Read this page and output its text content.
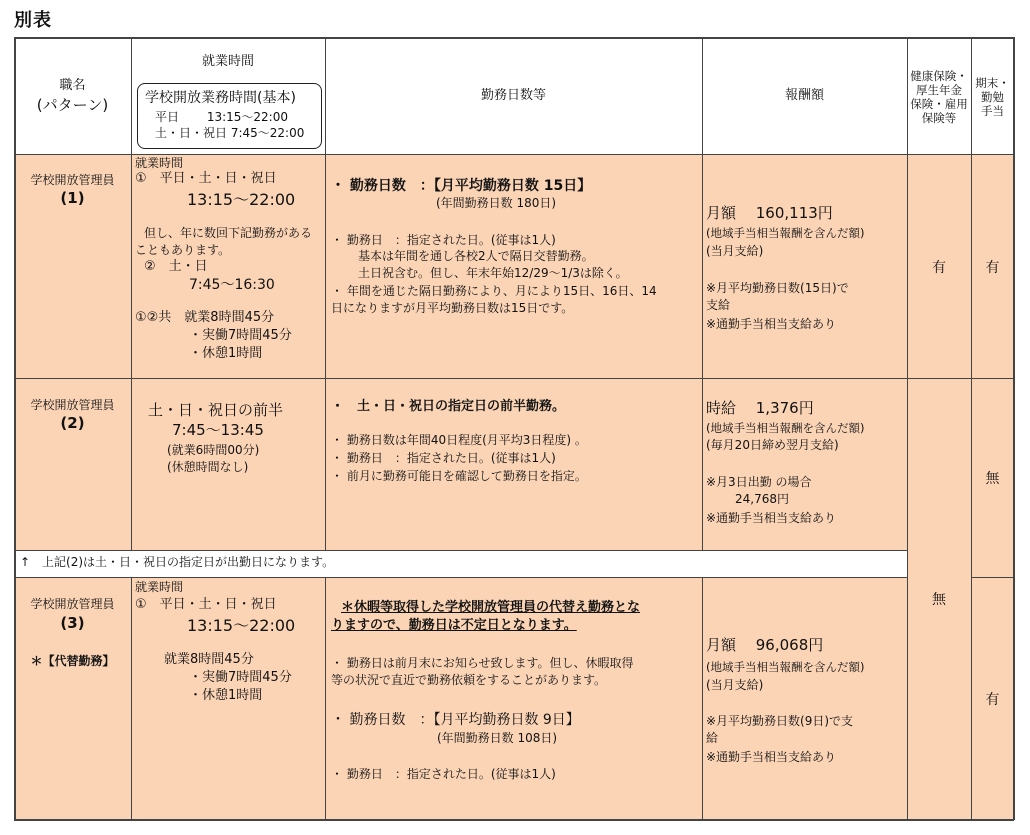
別表
職名
(パターン)
就業時間
学校開放業務時間(基本)
平日　　 13:15～22:00
土・日・祝日 7:45～22:00
勤務日数等	報酬額
健康保険・
厚生年金
保険・雇用
保険等
期末・
勤勉
手当
学校開放管理員
(1)
就業時間
①　平日・土・日・祝日
13:15～22:00
但し、年に数回下記勤務がある
こともあります。
②　土・日
7:45～16:30
①②共　就業8時間45分
・実働7時間45分
・休憩1時間
・ 勤務日数　：【月平均勤務日数 15日】
(年間勤務日数 180日)
・ 勤務日　：指定された日。(従事は1人)
基本は年間を通し各校2人で隔日交替勤務。
土日祝含む。但し、年末年始12/29～1/3は除く。
・ 年間を通じた隔日勤務により、月により15日、16日、14
日になりますが月平均勤務日数は15日です。
月額　 160,113円
(地域手当相当報酬を含んだ額)
(当月支給)
※月平均勤務日数(15日)で
支給
※通勤手当相当支給あり
有	有
学校開放管理員
(2)
土・日・祝日の前半
7:45～13:45
(就業6時間00分)
(休憩時間なし)
・　土・日・祝日の指定日の前半勤務。
・ 勤務日数は年間40日程度(月平均3日程度) 。
・ 勤務日　：指定された日。(従事は1人)
・ 前月に勤務可能日を確認して勤務日を指定。
時給　 1,376円
(地域手当相当報酬を含んだ額)
(毎月20日締め翌月支給)
※月3日出勤 の場合
24,768円
※通勤手当相当支給あり
無
↑　上記(2)は土・日・祝日の指定日が出勤日になります。
無
学校開放管理員
(3)
＊【代替勤務】
就業時間
①　平日・土・日・祝日
13:15～22:00
就業8時間45分
・実働7時間45分
・休憩1時間
＊休暇等取得した学校開放管理員の代替え勤務とな
りますので、勤務日は不定日となります。
・ 勤務日は前月末にお知らせ致します。但し、休暇取得
等の状況で直近で勤務依頼をすることがあります。
・ 勤務日数　：【月平均勤務日数 9日】
(年間勤務日数 108日)
・ 勤務日　：指定された日。(従事は1人)
月額　 96,068円
(地域手当相当報酬を含んだ額)
(当月支給)
※月平均勤務日数(9日)で支
給
※通勤手当相当支給あり
有
